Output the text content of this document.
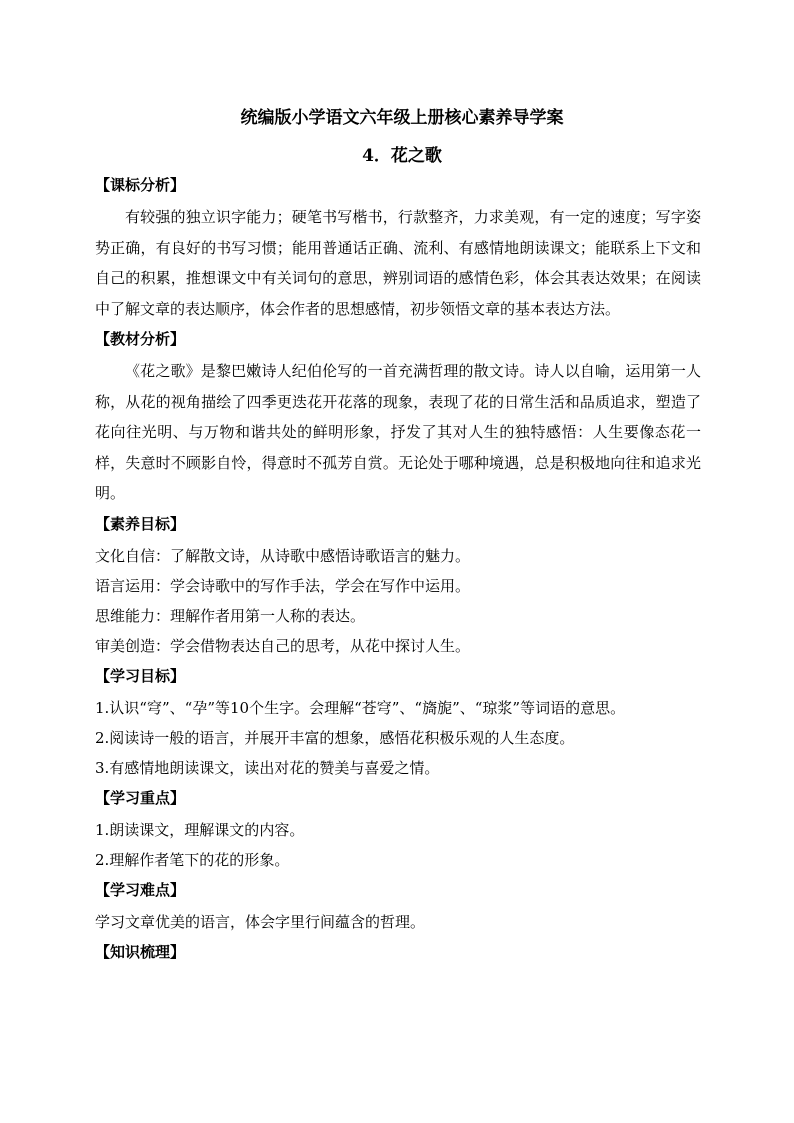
统编版小学语文六年级上册核心素养导学案
4．花之歌

【课标分析】

有较强的独立识字能力；硬笔书写楷书，行款整齐，力求美观，有一定的速度；写字姿势正确，有良好的书写习惯；能用普通话正确、流利、有感情地朗读课文；能联系上下文和自己的积累，推想课文中有关词句的意思，辨别词语的感情色彩，体会其表达效果；在阅读中了解文章的表达顺序，体会作者的思想感情，初步领悟文章的基本表达方法。

【教材分析】

《花之歌》是黎巴嫩诗人纪伯伦写的一首充满哲理的散文诗。诗人以自喻，运用第一人称，从花的视角描绘了四季更迭花开花落的现象，表现了花的日常生活和品质追求，塑造了花向往光明、与万物和谐共处的鲜明形象，抒发了其对人生的独特感悟：人生要像态花一样，失意时不顾影自怜，得意时不孤芳自赏。无论处于哪种境遇，总是积极地向往和追求光明。

【素养目标】

文化自信：了解散文诗，从诗歌中感悟诗歌语言的魅力。

语言运用：学会诗歌中的写作手法，学会在写作中运用。

思维能力：理解作者用第一人称的表达。

审美创造：学会借物表达自己的思考，从花中探讨人生。

【学习目标】

1.认识“穹”、“孕”等10个生字。会理解“苍穹”、“旖旎”、“琼浆”等词语的意思。

2.阅读诗一般的语言，并展开丰富的想象，感悟花积极乐观的人生态度。

3.有感情地朗读课文，读出对花的赞美与喜爱之情。

【学习重点】

1.朗读课文，理解课文的内容。

2.理解作者笔下的花的形象。

【学习难点】

学习文章优美的语言，体会字里行间蕴含的哲理。

【知识梳理】
